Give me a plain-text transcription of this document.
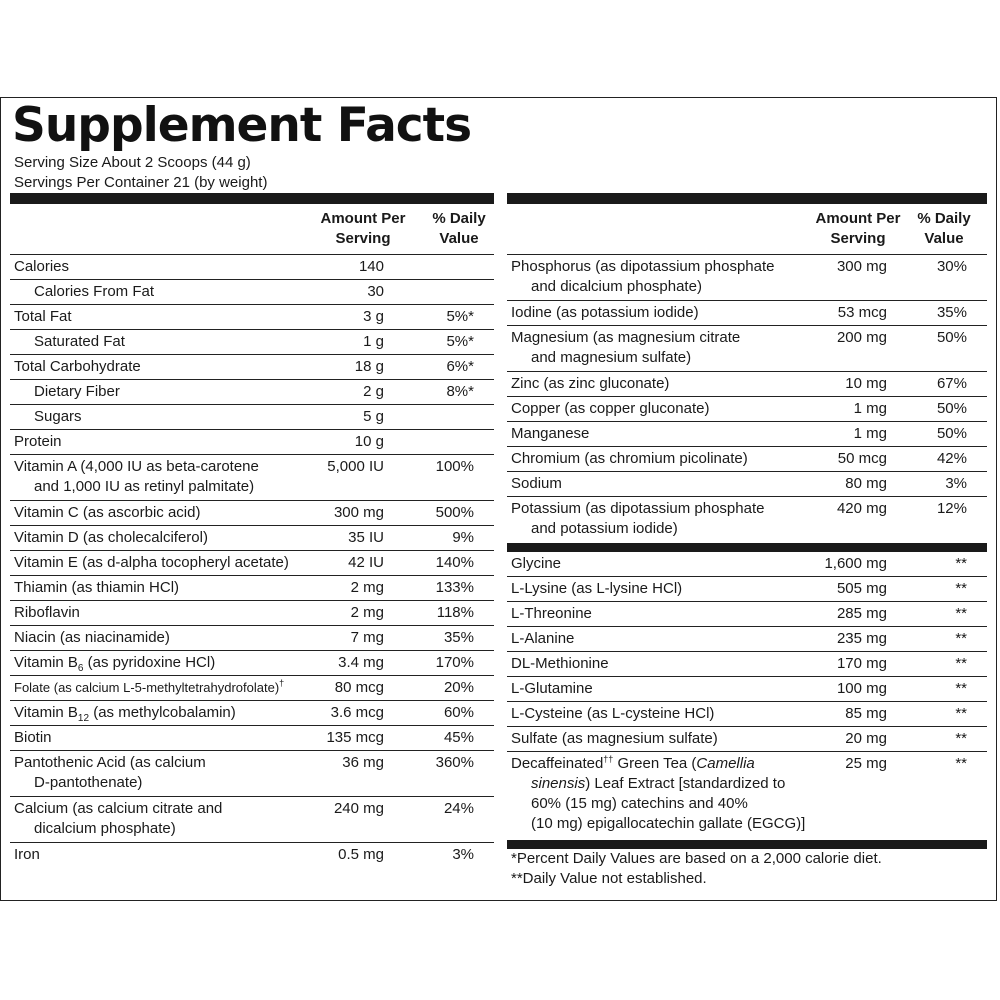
Supplement Facts
Serving Size About 2 Scoops (44 g)
Servings Per Container 21 (by weight)
Amount Per
Serving
% Daily
Value
Calories	140
Calories From Fat	30
Total Fat	3 g	5%*
Saturated Fat	1 g	5%*
Total Carbohydrate	18 g	6%*
Dietary Fiber	2 g	8%*
Sugars	5 g
Protein	10 g
Vitamin A (4,000 IU as beta-carotene
and 1,000 IU as retinyl palmitate)
5,000 IU	100%
Vitamin C (as ascorbic acid)	300 mg	500%
Vitamin D (as cholecalciferol)	35 IU	9%
Vitamin E (as d-alpha tocopheryl acetate)	42 IU	140%
Thiamin (as thiamin HCl)	2 mg	133%
Riboflavin	2 mg	118%
Niacin (as niacinamide)	7 mg	35%
Vitamin $B_6$ (as pyridoxine HCl)	3.4 mg	170%
Folate (as calcium L-5-methyltetrahydrofolate)†	80 mcg	20%
Vitamin $B_{12}$ (as methylcobalamin)	3.6 mcg	60%
Biotin	135 mcg	45%
Pantothenic Acid (as calcium
D-pantothenate)
36 mg	360%
Calcium (as calcium citrate and
dicalcium phosphate)
240 mg	24%
Iron	0.5 mg	3%
Amount Per
Serving
% Daily
Value
Phosphorus (as dipotassium phosphate
and dicalcium phosphate)
300 mg	30%
Iodine (as potassium iodide)	53 mcg	35%
Magnesium (as magnesium citrate
and magnesium sulfate)
200 mg	50%
Zinc (as zinc gluconate)	10 mg	67%
Copper (as copper gluconate)	1 mg	50%
Manganese	1 mg	50%
Chromium (as chromium picolinate)	50 mcg	42%
Sodium	80 mg	3%
Potassium (as dipotassium phosphate
and potassium iodide)
420 mg	12%
Glycine	1,600 mg	**
L-Lysine (as L-lysine HCl)	505 mg	**
L-Threonine	285 mg	**
L-Alanine	235 mg	**
DL-Methionine	170 mg	**
L-Glutamine	100 mg	**
L-Cysteine (as L-cysteine HCl)	85 mg	**
Sulfate (as magnesium sulfate)	20 mg	**
Decaffeinated†† Green Tea (Camellia
sinensis) Leaf Extract [standardized to
60% (15 mg) catechins and 40%
(10 mg) epigallocatechin gallate (EGCG)]
25 mg	**
*Percent Daily Values are based on a 2,000 calorie diet.
**Daily Value not established.
